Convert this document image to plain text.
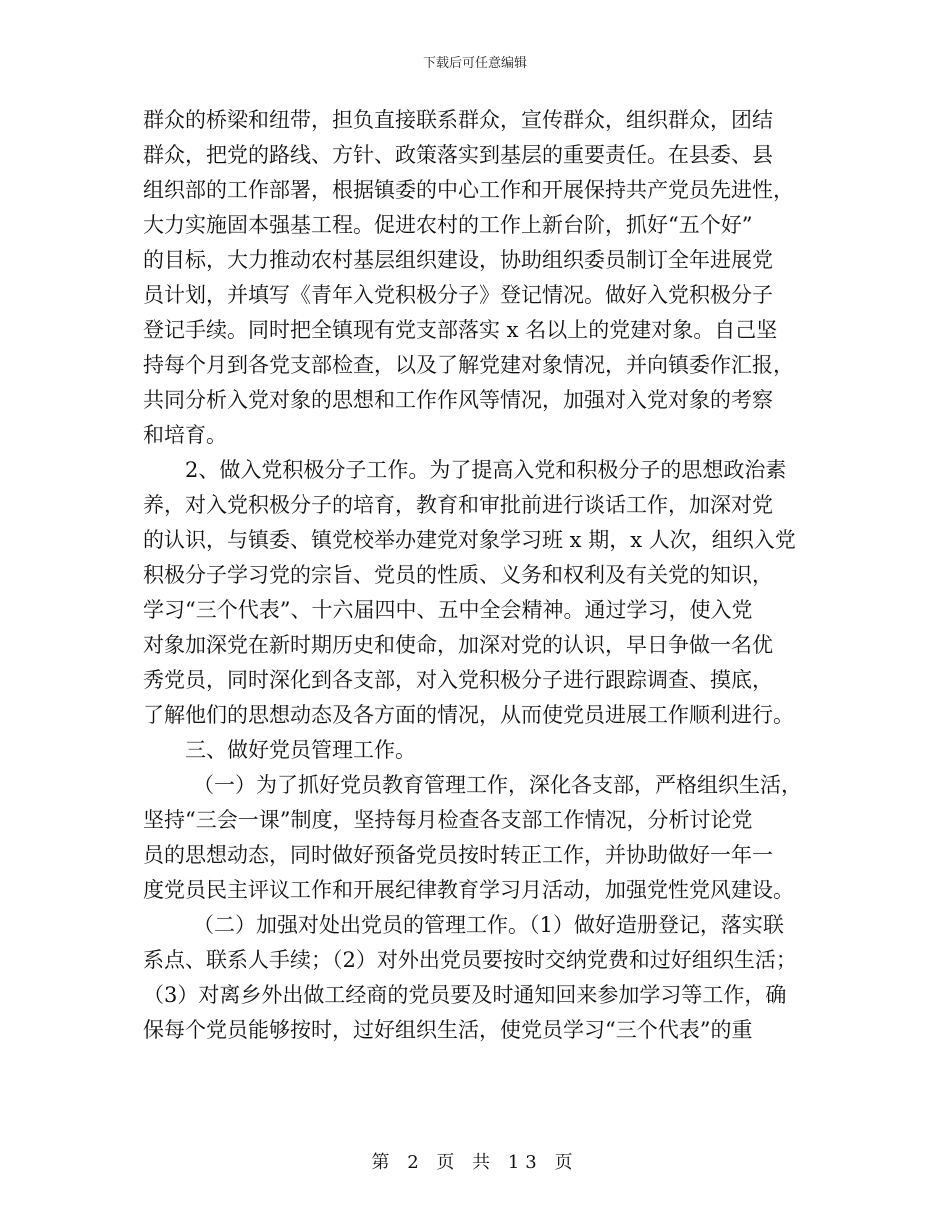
下载后可任意编辑
群众的桥梁和纽带，担负直接联系群众，宣传群众，组织群众，团结
群众，把党的路线、方针、政策落实到基层的重要责任。在县委、县
组织部的工作部署，根据镇委的中心工作和开展保持共产党员先进性，
大力实施固本强基工程。促进农村的工作上新台阶，抓好“五个好”
的目标，大力推动农村基层组织建设，协助组织委员制订全年进展党
员计划，并填写《青年入党积极分子》登记情况。做好入党积极分子
登记手续。同时把全镇现有党支部落实 x 名以上的党建对象。自己坚
持每个月到各党支部检查，以及了解党建对象情况，并向镇委作汇报，
共同分析入党对象的思想和工作作风等情况，加强对入党对象的考察
和培育。
2、做入党积极分子工作。为了提高入党和积极分子的思想政治素
养，对入党积极分子的培育，教育和审批前进行谈话工作，加深对党
的认识，与镇委、镇党校举办建党对象学习班 x 期，x 人次，组织入党
积极分子学习党的宗旨、党员的性质、义务和权利及有关党的知识，
学习“三个代表”、十六届四中、五中全会精神。通过学习，使入党
对象加深党在新时期历史和使命，加深对党的认识，早日争做一名优
秀党员，同时深化到各支部，对入党积极分子进行跟踪调查、摸底，
了解他们的思想动态及各方面的情况，从而使党员进展工作顺利进行。
三、做好党员管理工作。
（一）为了抓好党员教育管理工作，深化各支部，严格组织生活，
坚持“三会一课”制度，坚持每月检查各支部工作情况，分析讨论党
员的思想动态，同时做好预备党员按时转正工作，并协助做好一年一
度党员民主评议工作和开展纪律教育学习月活动，加强党性党风建设。
（二）加强对处出党员的管理工作。（1）做好造册登记，落实联
系点、联系人手续；（2）对外出党员要按时交纳党费和过好组织生活；
（3）对离乡外出做工经商的党员要及时通知回来参加学习等工作，确
保每个党员能够按时，过好组织生活，使党员学习“三个代表”的重
第 2 页 共 13 页
